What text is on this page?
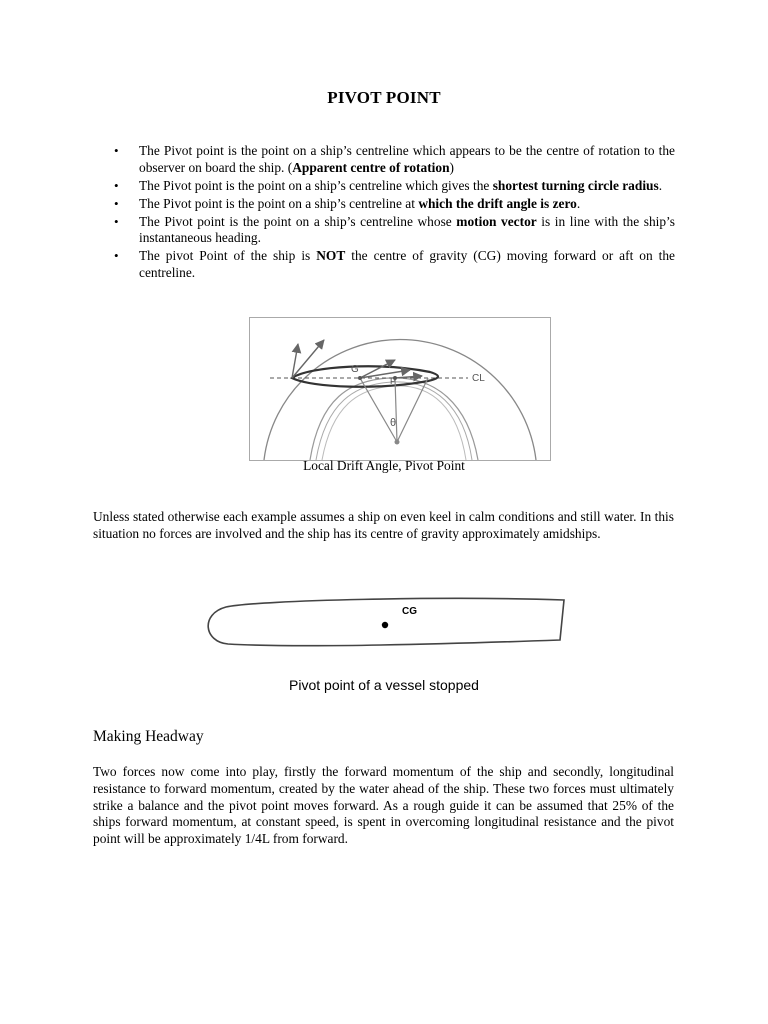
PIVOT POINT
• The Pivot point is the point on a ship’s centreline which appears to be the centre of rotation to the observer on board the ship. (Apparent centre of rotation)
• The Pivot point is the point on a ship’s centreline which gives the shortest turning circle radius.
• The Pivot point is the point on a ship’s centreline at which the drift angle is zero.
• The Pivot point is the point on a ship’s centreline whose motion vector is in line with the ship’s instantaneous heading.
• The pivot Point of the ship is NOT the centre of gravity (CG) moving forward or aft on the centreline.
G
P	CL
θ
Local Drift Angle, Pivot Point

Unless stated otherwise each example assumes a ship on even keel in calm conditions and still water. In this situation no forces are involved and the ship has its centre of gravity approximately amidships.

CG
Pivot point of a vessel stopped
Making Headway

Two forces now come into play, firstly the forward momentum of the ship and secondly, longitudinal resistance to forward momentum, created by the water ahead of the ship. These two forces must ultimately strike a balance and the pivot point moves forward. As a rough guide it can be assumed that 25% of the ships forward momentum, at constant speed, is spent in overcoming longitudinal resistance and the pivot point will be approximately 1/4L from forward.
